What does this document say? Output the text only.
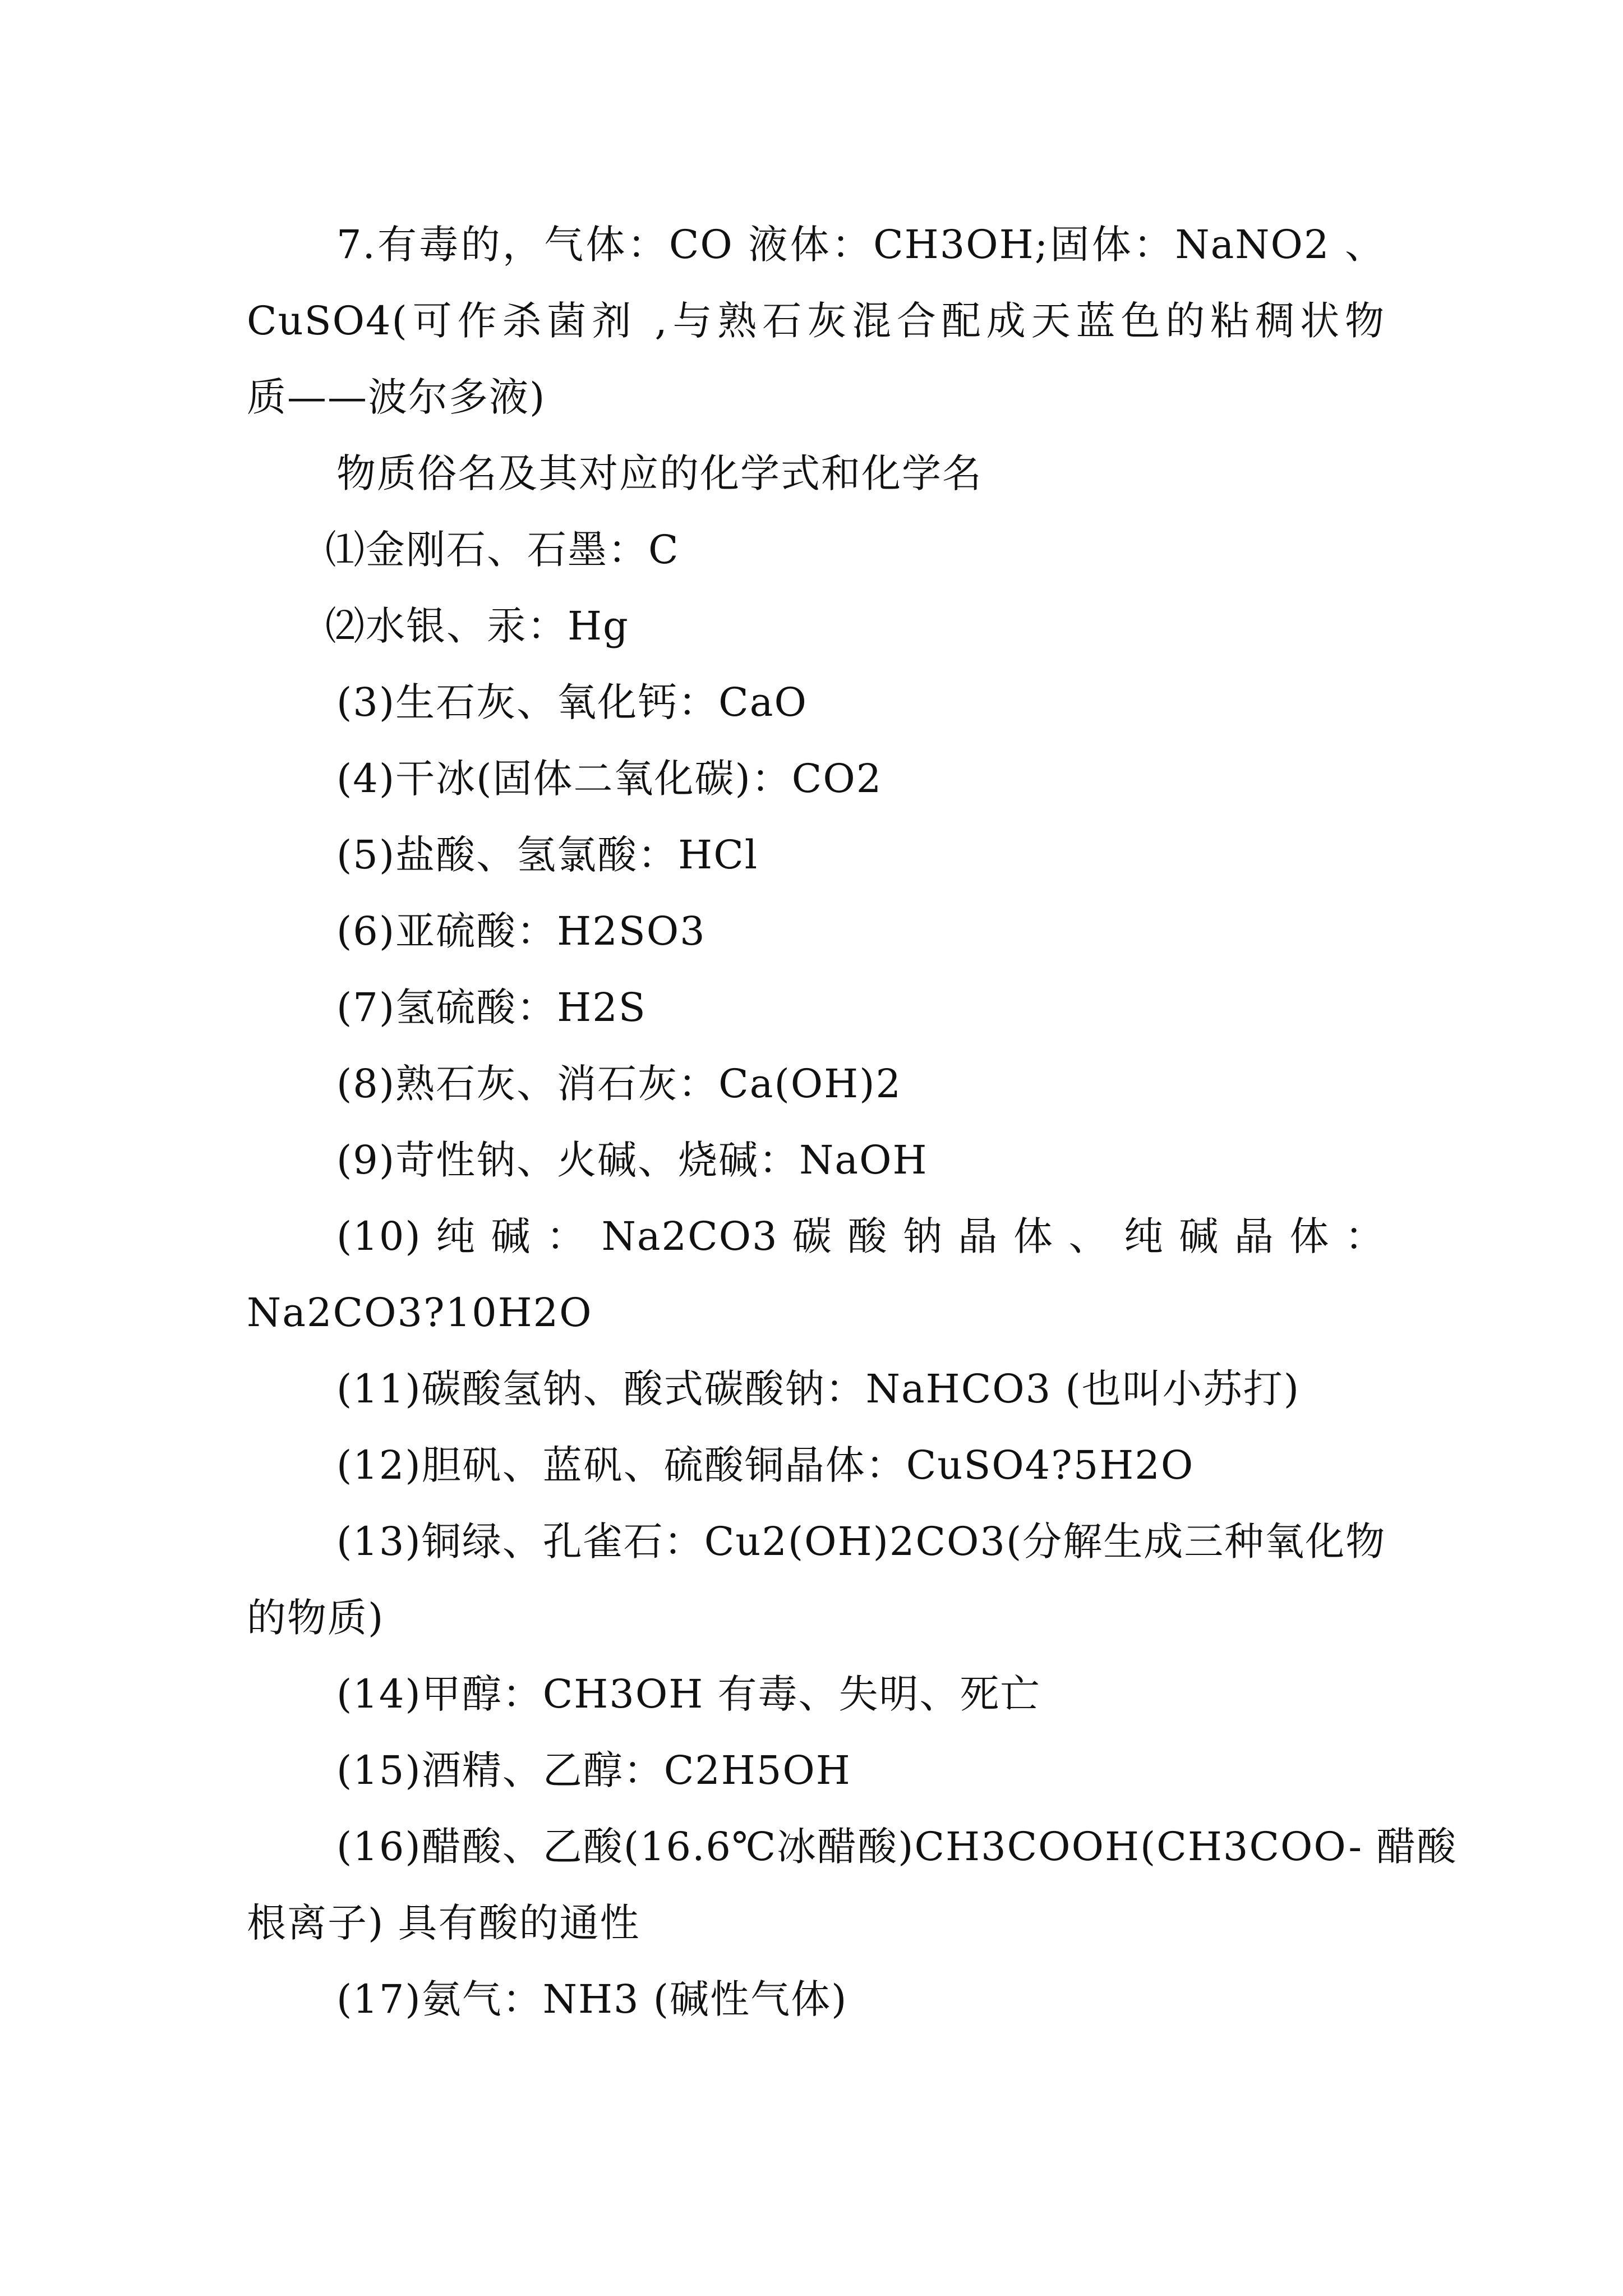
7.有毒的，气体：CO 液体：CH3OH;固体：NaNO2 、
CuSO4(可作杀菌剂 ,与熟石灰混合配成天蓝色的粘稠状物
质——波尔多液)
物质俗名及其对应的化学式和化学名
⑴金刚石、石墨：C
⑵水银、汞：Hg
(3)生石灰、氧化钙：CaO
(4)干冰(固体二氧化碳)：CO2
(5)盐酸、氢氯酸：HCl
(6)亚硫酸：H2SO3
(7)氢硫酸：H2S
(8)熟石灰、消石灰：Ca(OH)2
(9)苛性钠、火碱、烧碱：NaOH
(10) 纯 碱 ： Na2CO3 碳 酸 钠 晶 体 、 纯 碱 晶 体 ：
Na2CO3?10H2O
(11)碳酸氢钠、酸式碳酸钠：NaHCO3 (也叫小苏打)
(12)胆矾、蓝矾、硫酸铜晶体：CuSO4?5H2O
(13)铜绿、孔雀石：Cu2(OH)2CO3(分解生成三种氧化物
的物质)
(14)甲醇：CH3OH 有毒、失明、死亡
(15)酒精、乙醇：C2H5OH
(16)醋酸、乙酸(16.6℃冰醋酸)CH3COOH(CH3COO- 醋酸
根离子) 具有酸的通性
(17)氨气：NH3 (碱性气体)
